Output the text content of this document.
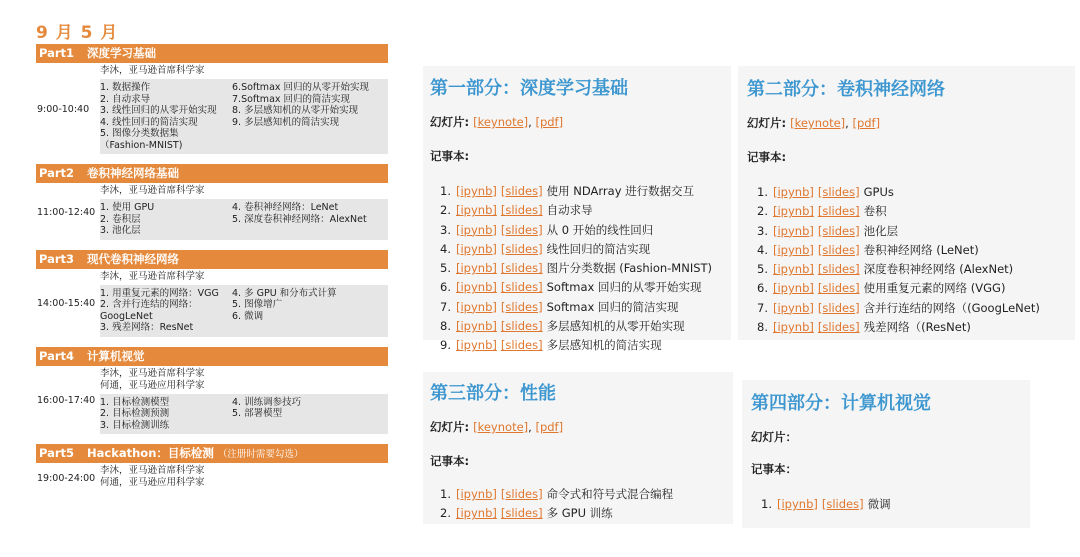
9 月 5 月
Part1 深度学习基础
9:00-10:40
李沐，亚马逊首席科学家
1. 数据操作
2. 自动求导
3. 线性回归的从零开始实现
4. 线性回归的简洁实现
5. 图像分类数据集
（Fashion-MNIST)
6.Softmax 回归的从零开始实现
7.Softmax 回归的简洁实现
8. 多层感知机的从零开始实现
9. 多层感知机的简洁实现
Part2 卷积神经网络基础
11:00-12:40
李沐，亚马逊首席科学家
1. 使用 GPU
2. 卷积层
3. 池化层
4. 卷积神经网络：LeNet
5. 深度卷积神经网络：AlexNet
Part3 现代卷积神经网络
14:00-15:40
李沐，亚马逊首席科学家
1. 用重复元素的网络：VGG
2. 含并行连结的网络：
GoogLeNet
3. 残差网络：ResNet
4. 多 GPU 和分布式计算
5. 图像增广
6. 微调
Part4 计算机视觉
16:00-17:40
李沐，亚马逊首席科学家
何通，亚马逊应用科学家
1. 目标检测模型
2. 目标检测预测
3. 目标检测训练
4. 训练调参技巧
5. 部署模型
Part5 Hackathon：目标检测 （注册时需要勾选）
19:00-24:00
李沐，亚马逊首席科学家
何通，亚马逊应用科学家
第一部分：深度学习基础
幻灯片: [keynote], [pdf]
记事本:
1. [ipynb] [slides] 使用 NDArray 进行数据交互
2. [ipynb] [slides] 自动求导
3. [ipynb] [slides] 从 0 开始的线性回归
4. [ipynb] [slides] 线性回归的简洁实现
5. [ipynb] [slides] 图片分类数据 (Fashion-MNIST)
6. [ipynb] [slides] Softmax 回归的从零开始实现
7. [ipynb] [slides] Softmax 回归的简洁实现
8. [ipynb] [slides] 多层感知机的从零开始实现
9. [ipynb] [slides] 多层感知机的简洁实现
第二部分：卷积神经网络
幻灯片: [keynote], [pdf]
记事本:
1. [ipynb] [slides] GPUs
2. [ipynb] [slides] 卷积
3. [ipynb] [slides] 池化层
4. [ipynb] [slides] 卷积神经网络 (LeNet)
5. [ipynb] [slides] 深度卷积神经网络 (AlexNet)
6. [ipynb] [slides] 使用重复元素的网络 (VGG)
7. [ipynb] [slides] 含并行连结的网络（(GoogLeNet)
8. [ipynb] [slides] 残差网络（(ResNet)
第三部分：性能
幻灯片: [keynote], [pdf]
记事本:
1. [ipynb] [slides] 命令式和符号式混合编程
2. [ipynb] [slides] 多 GPU 训练
第四部分：计算机视觉
幻灯片：
记事本：
1. [ipynb] [slides] 微调
